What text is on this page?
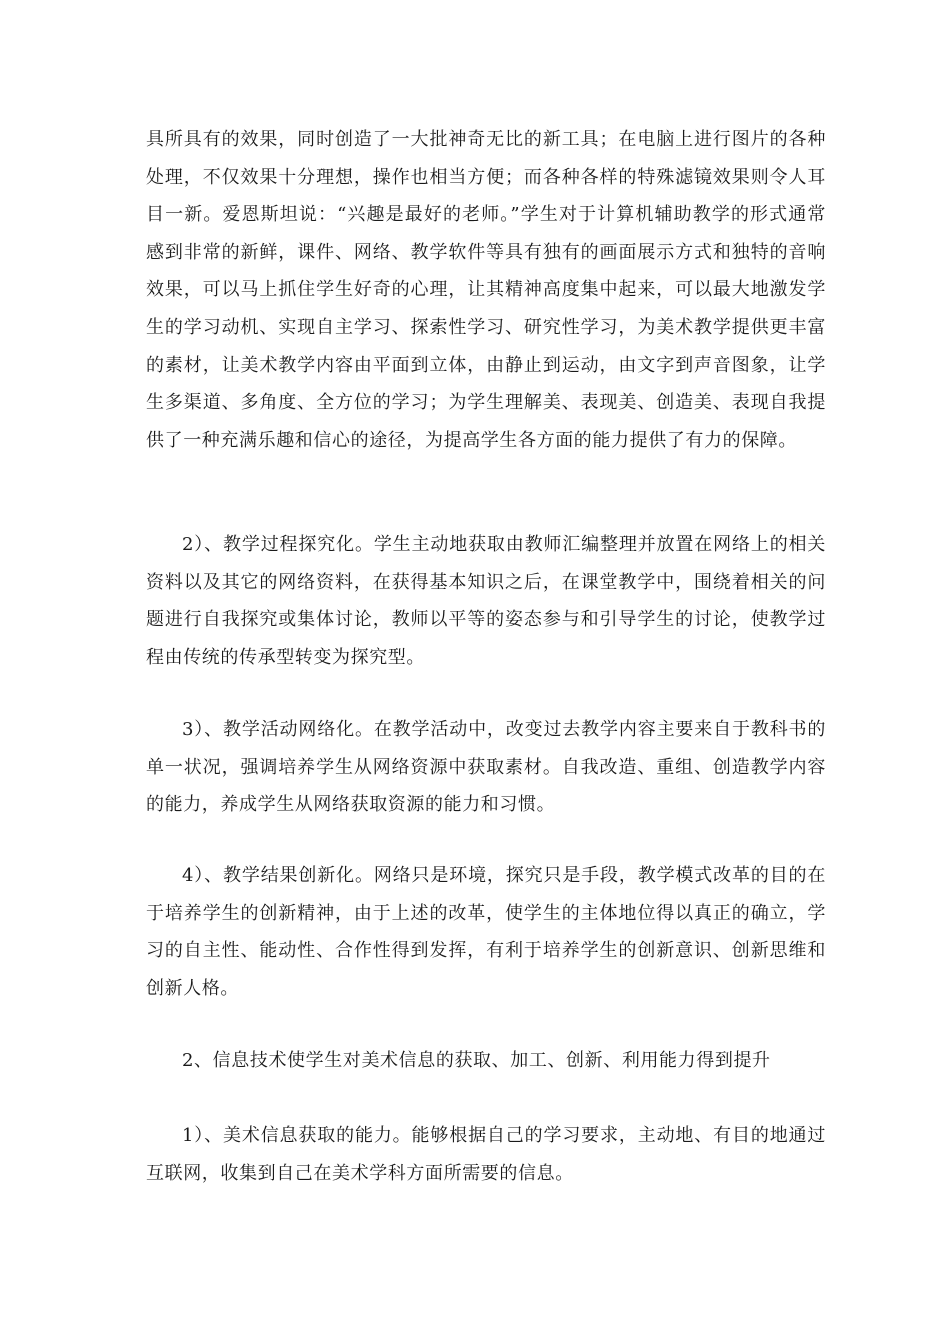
具所具有的效果，同时创造了一大批神奇无比的新工具；在电脑上进行图片的各种处理，不仅效果十分理想，操作也相当方便；而各种各样的特殊滤镜效果则令人耳目一新。爱恩斯坦说：“兴趣是最好的老师。”学生对于计算机辅助教学的形式通常感到非常的新鲜，课件、网络、教学软件等具有独有的画面展示方式和独特的音响效果，可以马上抓住学生好奇的心理，让其精神高度集中起来，可以最大地激发学生的学习动机、实现自主学习、探索性学习、研究性学习，为美术教学提供更丰富的素材，让美术教学内容由平面到立体，由静止到运动，由文字到声音图象，让学生多渠道、多角度、全方位的学习；为学生理解美、表现美、创造美、表现自我提供了一种充满乐趣和信心的途径，为提高学生各方面的能力提供了有力的保障。

2）、教学过程探究化。学生主动地获取由教师汇编整理并放置在网络上的相关资料以及其它的网络资料，在获得基本知识之后，在课堂教学中，围绕着相关的问题进行自我探究或集体讨论，教师以平等的姿态参与和引导学生的讨论，使教学过程由传统的传承型转变为探究型。

3）、教学活动网络化。在教学活动中，改变过去教学内容主要来自于教科书的单一状况，强调培养学生从网络资源中获取素材。自我改造、重组、创造教学内容的能力，养成学生从网络获取资源的能力和习惯。

4）、教学结果创新化。网络只是环境，探究只是手段，教学模式改革的目的在于培养学生的创新精神，由于上述的改革，使学生的主体地位得以真正的确立，学习的自主性、能动性、合作性得到发挥，有利于培养学生的创新意识、创新思维和创新人格。

2、信息技术使学生对美术信息的获取、加工、创新、利用能力得到提升

1）、美术信息获取的能力。能够根据自己的学习要求，主动地、有目的地通过互联网，收集到自己在美术学科方面所需要的信息。
